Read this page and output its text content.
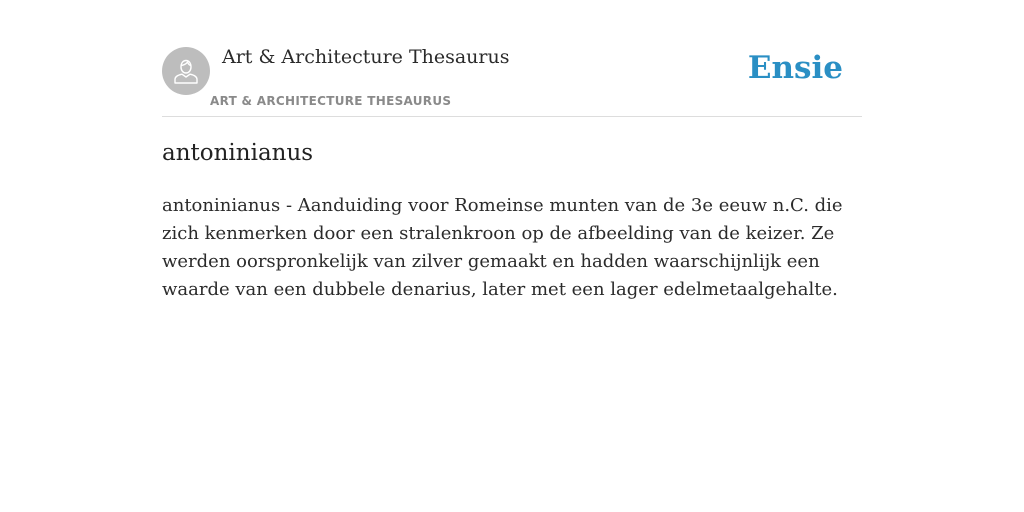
Art & Architecture Thesaurus
ART & ARCHITECTURE THESAURUS
Ensie
antoninianus

antoninianus - Aanduiding voor Romeinse munten van de 3e eeuw n.C. die zich kenmerken door een stralenkroon op de afbeelding van de keizer. Ze werden oorspronkelijk van zilver gemaakt en hadden waarschijnlijk een waarde van een dubbele denarius, later met een lager edelmetaalgehalte.
